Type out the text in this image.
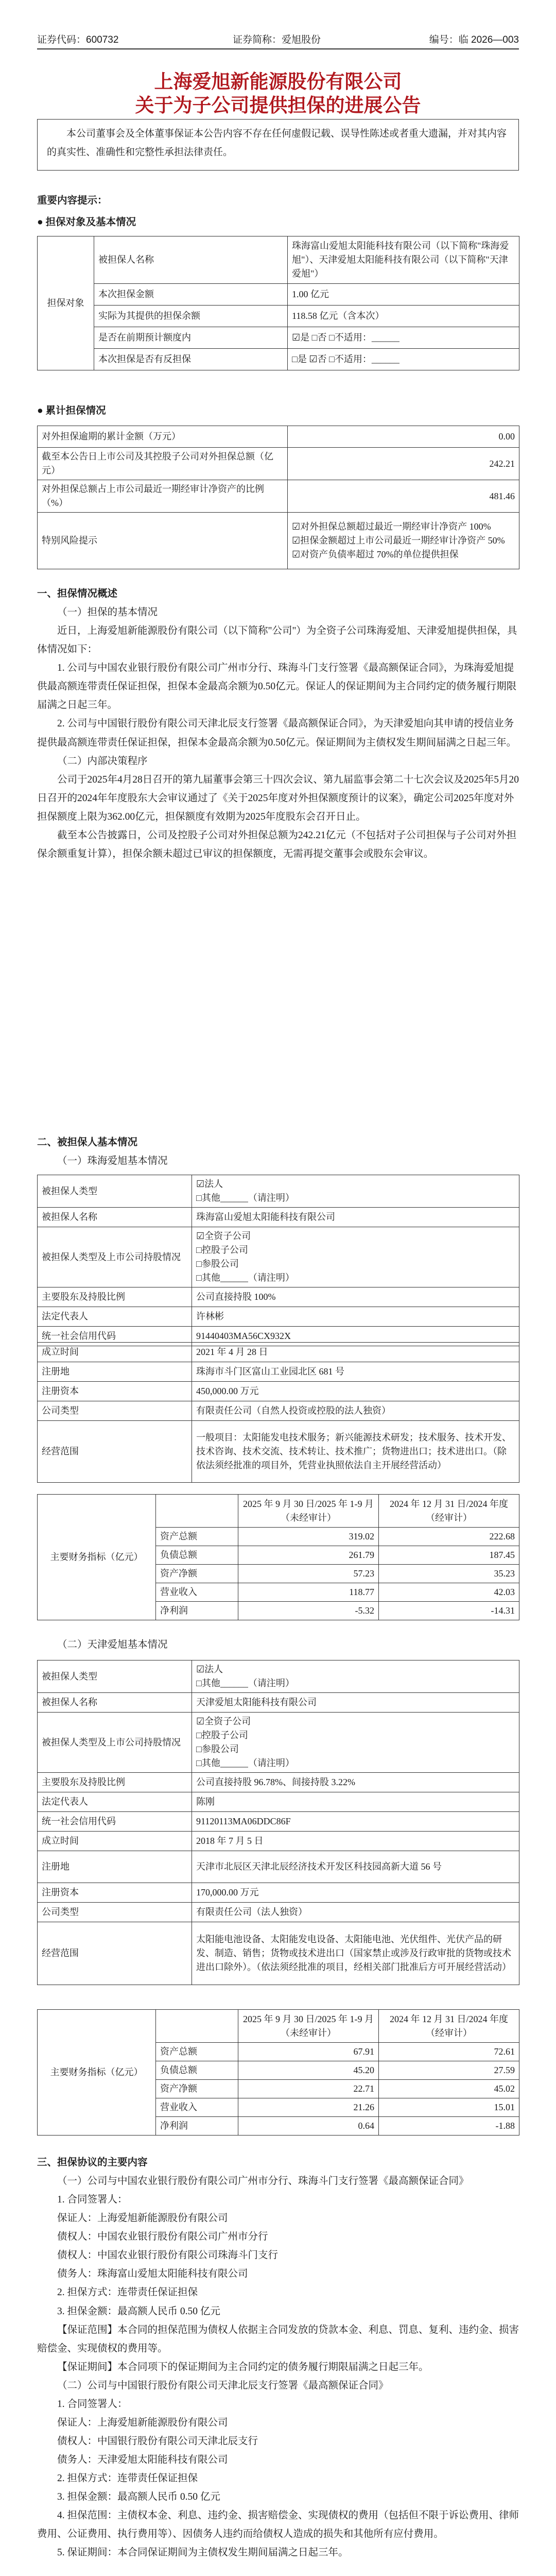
证券代码：600732	证券简称：爱旭股份	编号：临 2026—003
上海爱旭新能源股份有限公司
关于为子公司提供担保的进展公告
本公司董事会及全体董事保证本公告内容不存在任何虚假记载、误导性陈述或者重大遗漏，并对其内容的真实性、准确性和完整性承担法律责任。

重要内容提示：

● 担保对象及基本情况

担保对象	被担保人名称	珠海富山爱旭太阳能科技有限公司（以下简称"珠海爱旭"）、天津爱旭太阳能科技有限公司（以下简称"天津爱旭"）
	本次担保金额	1.00 亿元
	实际为其提供的担保余额	118.58 亿元（含本次）
	是否在前期预计额度内	☑是 □否 □不适用：______
	本次担保是否有反担保	□是 ☑否 □不适用：______

● 累计担保情况

对外担保逾期的累计金额（万元）	0.00
截至本公告日上市公司及其控股子公司对外担保总额（亿元）	242.21
对外担保总额占上市公司最近一期经审计净资产的比例（%）	481.46
特别风险提示	☑对外担保总额超过最近一期经审计净资产 100%
☑担保金额超过上市公司最近一期经审计净资产 50%
☑对资产负债率超过 70%的单位提供担保

一、担保情况概述

（一）担保的基本情况

近日，上海爱旭新能源股份有限公司（以下简称"公司"）为全资子公司珠海爱旭、天津爱旭提供担保，具体情况如下：

1. 公司与中国农业银行股份有限公司广州市分行、珠海斗门支行签署《最高额保证合同》，为珠海爱旭提供最高额连带责任保证担保，担保本金最高余额为0.50亿元。保证人的保证期间为主合同约定的债务履行期限届满之日起三年。

2. 公司与中国银行股份有限公司天津北辰支行签署《最高额保证合同》，为天津爱旭向其申请的授信业务提供最高额连带责任保证担保，担保本金最高余额为0.50亿元。保证期间为主债权发生期间届满之日起三年。

（二）内部决策程序

公司于2025年4月28日召开的第九届董事会第三十四次会议、第九届监事会第二十七次会议及2025年5月20日召开的2024年年度股东大会审议通过了《关于2025年度对外担保额度预计的议案》，确定公司2025年度对外担保额度上限为362.00亿元，担保额度有效期为2025年度股东会召开日止。

截至本公告披露日，公司及控股子公司对外担保总额为242.21亿元（不包括对子公司担保与子公司对外担保余额重复计算），担保余额未超过已审议的担保额度，无需再提交董事会或股东会审议。

二、被担保人基本情况

（一）珠海爱旭基本情况

被担保人类型	☑法人
□其他______（请注明）
被担保人名称	珠海富山爱旭太阳能科技有限公司
被担保人类型及上市公司持股情况	☑全资子公司
□控股子公司
□参股公司
□其他______（请注明）
主要股东及持股比例	公司直接持股 100%
法定代表人	许林彬
统一社会信用代码	91440403MA56CX932X
成立时间	2021 年 4 月 28 日
注册地	珠海市斗门区富山工业园北区 681 号
注册资本	450,000.00 万元
公司类型	有限责任公司（自然人投资或控股的法人独资）
经营范围	一般项目：太阳能发电技术服务；新兴能源技术研发；技术服务、技术开发、技术咨询、技术交流、技术转让、技术推广；货物进出口；技术进出口。（除依法须经批准的项目外，凭营业执照依法自主开展经营活动）
主要财务指标（亿元）		2025 年 9 月 30 日/2025 年 1-9 月（未经审计）	2024 年 12 月 31 日/2024 年度（经审计）
	资产总额	319.02	222.68
	负债总额	261.79	187.45
	资产净额	57.23	35.23
	营业收入	118.77	42.03
	净利润	-5.32	-14.31

（二）天津爱旭基本情况

被担保人类型	☑法人
□其他______（请注明）
被担保人名称	天津爱旭太阳能科技有限公司
被担保人类型及上市公司持股情况	☑全资子公司
□控股子公司
□参股公司
□其他______（请注明）
主要股东及持股比例	公司直接持股 96.78%、间接持股 3.22%
法定代表人	陈刚
统一社会信用代码	91120113MA06DDC86F
成立时间	2018 年 7 月 5 日
注册地	天津市北辰区天津北辰经济技术开发区科技园高新大道 56 号
注册资本	170,000.00 万元
公司类型	有限责任公司（法人独资）
经营范围	太阳能电池设备、太阳能发电设备、太阳能电池、光伏组件、光伏产品的研发、制造、销售；货物或技术进出口（国家禁止或涉及行政审批的货物或技术进出口除外）。（依法须经批准的项目，经相关部门批准后方可开展经营活动）
主要财务指标（亿元）		2025 年 9 月 30 日/2025 年 1-9 月（未经审计）	2024 年 12 月 31 日/2024 年度（经审计）
	资产总额	67.91	72.61
	负债总额	45.20	27.59
	资产净额	22.71	45.02
	营业收入	21.26	15.01
	净利润	0.64	-1.88

三、担保协议的主要内容

（一）公司与中国农业银行股份有限公司广州市分行、珠海斗门支行签署《最高额保证合同》

1. 合同签署人：

保证人：上海爱旭新能源股份有限公司

债权人：中国农业银行股份有限公司广州市分行

债权人：中国农业银行股份有限公司珠海斗门支行

债务人：珠海富山爱旭太阳能科技有限公司

2. 担保方式：连带责任保证担保

3. 担保金额：最高额人民币 0.50 亿元

【保证范围】本合同的担保范围为债权人依据主合同发放的贷款本金、利息、罚息、复利、违约金、损害赔偿金、实现债权的费用等。

【保证期间】本合同项下的保证期间为主合同约定的债务履行期限届满之日起三年。

（二）公司与中国银行股份有限公司天津北辰支行签署《最高额保证合同》

1. 合同签署人：

保证人：上海爱旭新能源股份有限公司

债权人：中国银行股份有限公司天津北辰支行

债务人：天津爱旭太阳能科技有限公司

2. 担保方式：连带责任保证担保

3. 担保金额：最高额人民币 0.50 亿元

4. 担保范围：主债权本金、利息、违约金、损害赔偿金、实现债权的费用（包括但不限于诉讼费用、律师费用、公证费用、执行费用等）、因债务人违约而给债权人造成的损失和其他所有应付费用。

5. 保证期间：本合同保证期间为主债权发生期间届满之日起三年。
